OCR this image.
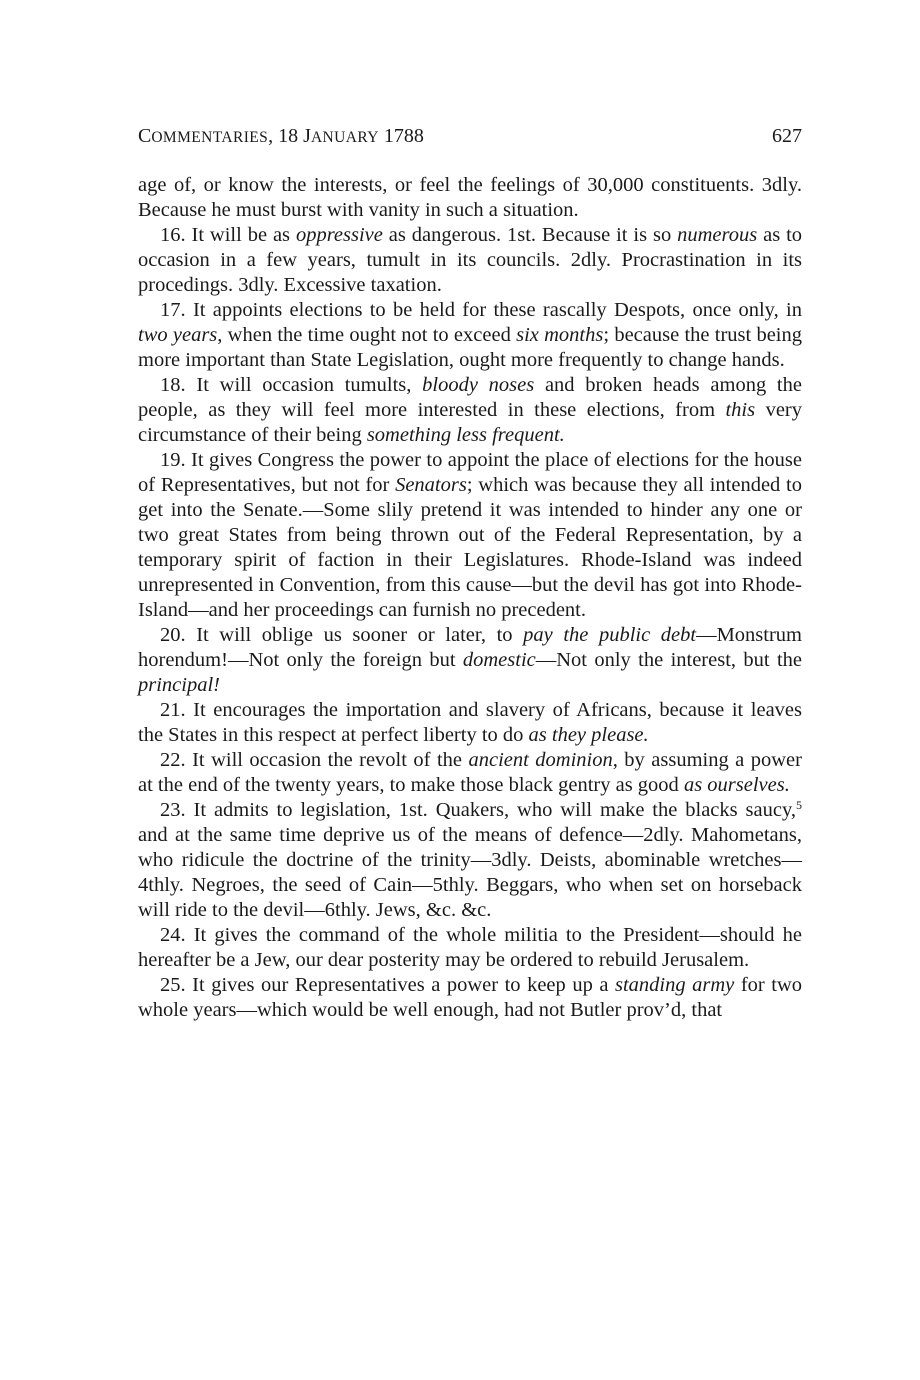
COMMENTARIES, 18 JANUARY 1788	627

age of, or know the interests, or feel the feelings of 30,000 constituents. 3dly. Because he must burst with vanity in such a situation.

16. It will be as oppressive as dangerous. 1st. Because it is so numerous as to occasion in a few years, tumult in its councils. 2dly. Procrastination in its procedings. 3dly. Excessive taxation.

17. It appoints elections to be held for these rascally Despots, once only, in two years, when the time ought not to exceed six months; because the trust being more important than State Legislation, ought more frequently to change hands.

18. It will occasion tumults, bloody noses and broken heads among the people, as they will feel more interested in these elections, from this very circumstance of their being something less frequent.

19. It gives Congress the power to appoint the place of elections for the house of Representatives, but not for Senators; which was because they all intended to get into the Senate.—Some slily pretend it was intended to hinder any one or two great States from being thrown out of the Federal Representation, by a temporary spirit of faction in their Legislatures. Rhode-Island was indeed unrepresented in Convention, from this cause—but the devil has got into Rhode-Island—and her proceedings can furnish no precedent.

20. It will oblige us sooner or later, to pay the public debt—Monstrum horendum!—Not only the foreign but domestic—Not only the interest, but the principal!

21. It encourages the importation and slavery of Africans, because it leaves the States in this respect at perfect liberty to do as they please.

22. It will occasion the revolt of the ancient dominion, by assuming a power at the end of the twenty years, to make those black gentry as good as ourselves.

23. It admits to legislation, 1st. Quakers, who will make the blacks saucy,$^5$ and at the same time deprive us of the means of defence—2dly. Mahometans, who ridicule the doctrine of the trinity—3dly. Deists, abominable wretches—4thly. Negroes, the seed of Cain—5thly. Beggars, who when set on horseback will ride to the devil—6thly. Jews, &c. &c.

24. It gives the command of the whole militia to the President—should he hereafter be a Jew, our dear posterity may be ordered to rebuild Jerusalem.

25. It gives our Representatives a power to keep up a standing army for two whole years—which would be well enough, had not Butler prov’d, that
